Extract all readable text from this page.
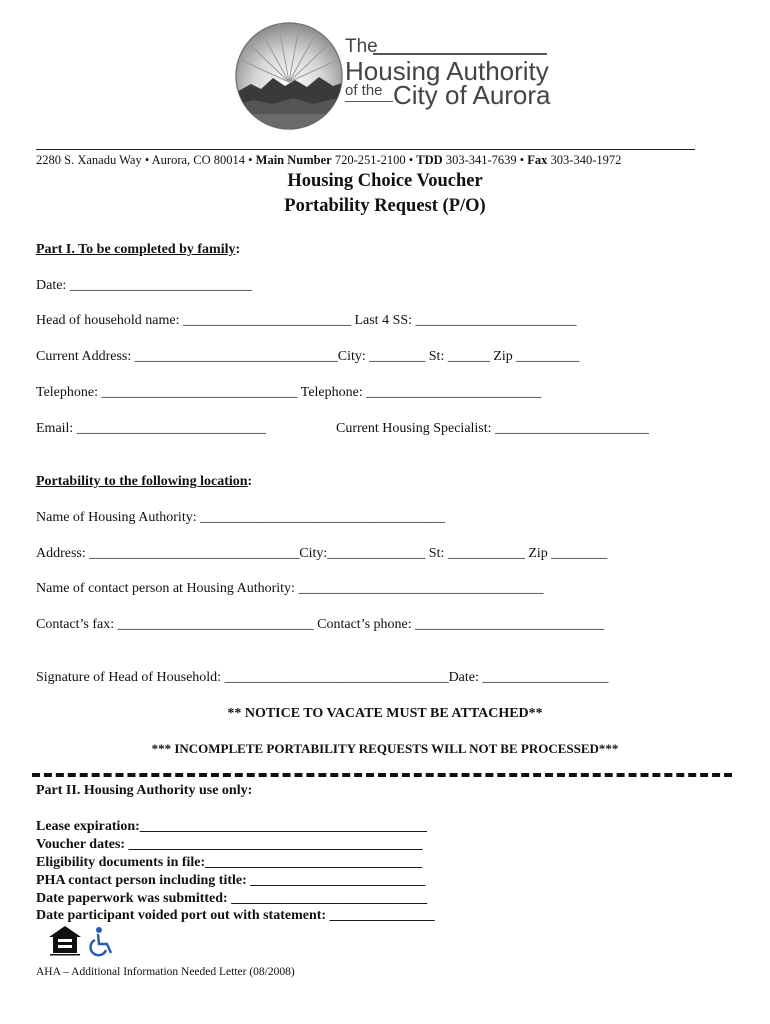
The
Housing Authority
of the City of Aurora
2280 S. Xanadu Way • Aurora, CO 80014 • Main Number 720-251-2100 • TDD 303-341-7639 • Fax 303-340-1972
Housing Choice Voucher
Portability Request (P/O)
Part I. To be completed by family:
Date: __________________________
Head of household name: ________________________ Last 4 SS: _______________________
Current Address: _____________________________City: ________ St: ______ Zip _________
Telephone: ____________________________ Telephone: _________________________
Email: ___________________________	Current Housing Specialist: ______________________
Portability to the following location:
Name of Housing Authority: ___________________________________
Address: ______________________________City:______________ St: ___________ Zip ________
Name of contact person at Housing Authority: ___________________________________
Contact’s fax: ____________________________ Contact’s phone: ___________________________
Signature of Head of Household: ________________________________Date: __________________
** NOTICE TO VACATE MUST BE ATTACHED**
*** INCOMPLETE PORTABILITY REQUESTS WILL NOT BE PROCESSED***
Part II. Housing Authority use only:
Lease expiration:_________________________________________
Voucher dates: __________________________________________
Eligibility documents in file:_______________________________
PHA contact person including title: _________________________
Date paperwork was submitted: ____________________________
Date participant voided port out with statement: _______________
AHA – Additional Information Needed Letter (08/2008)
